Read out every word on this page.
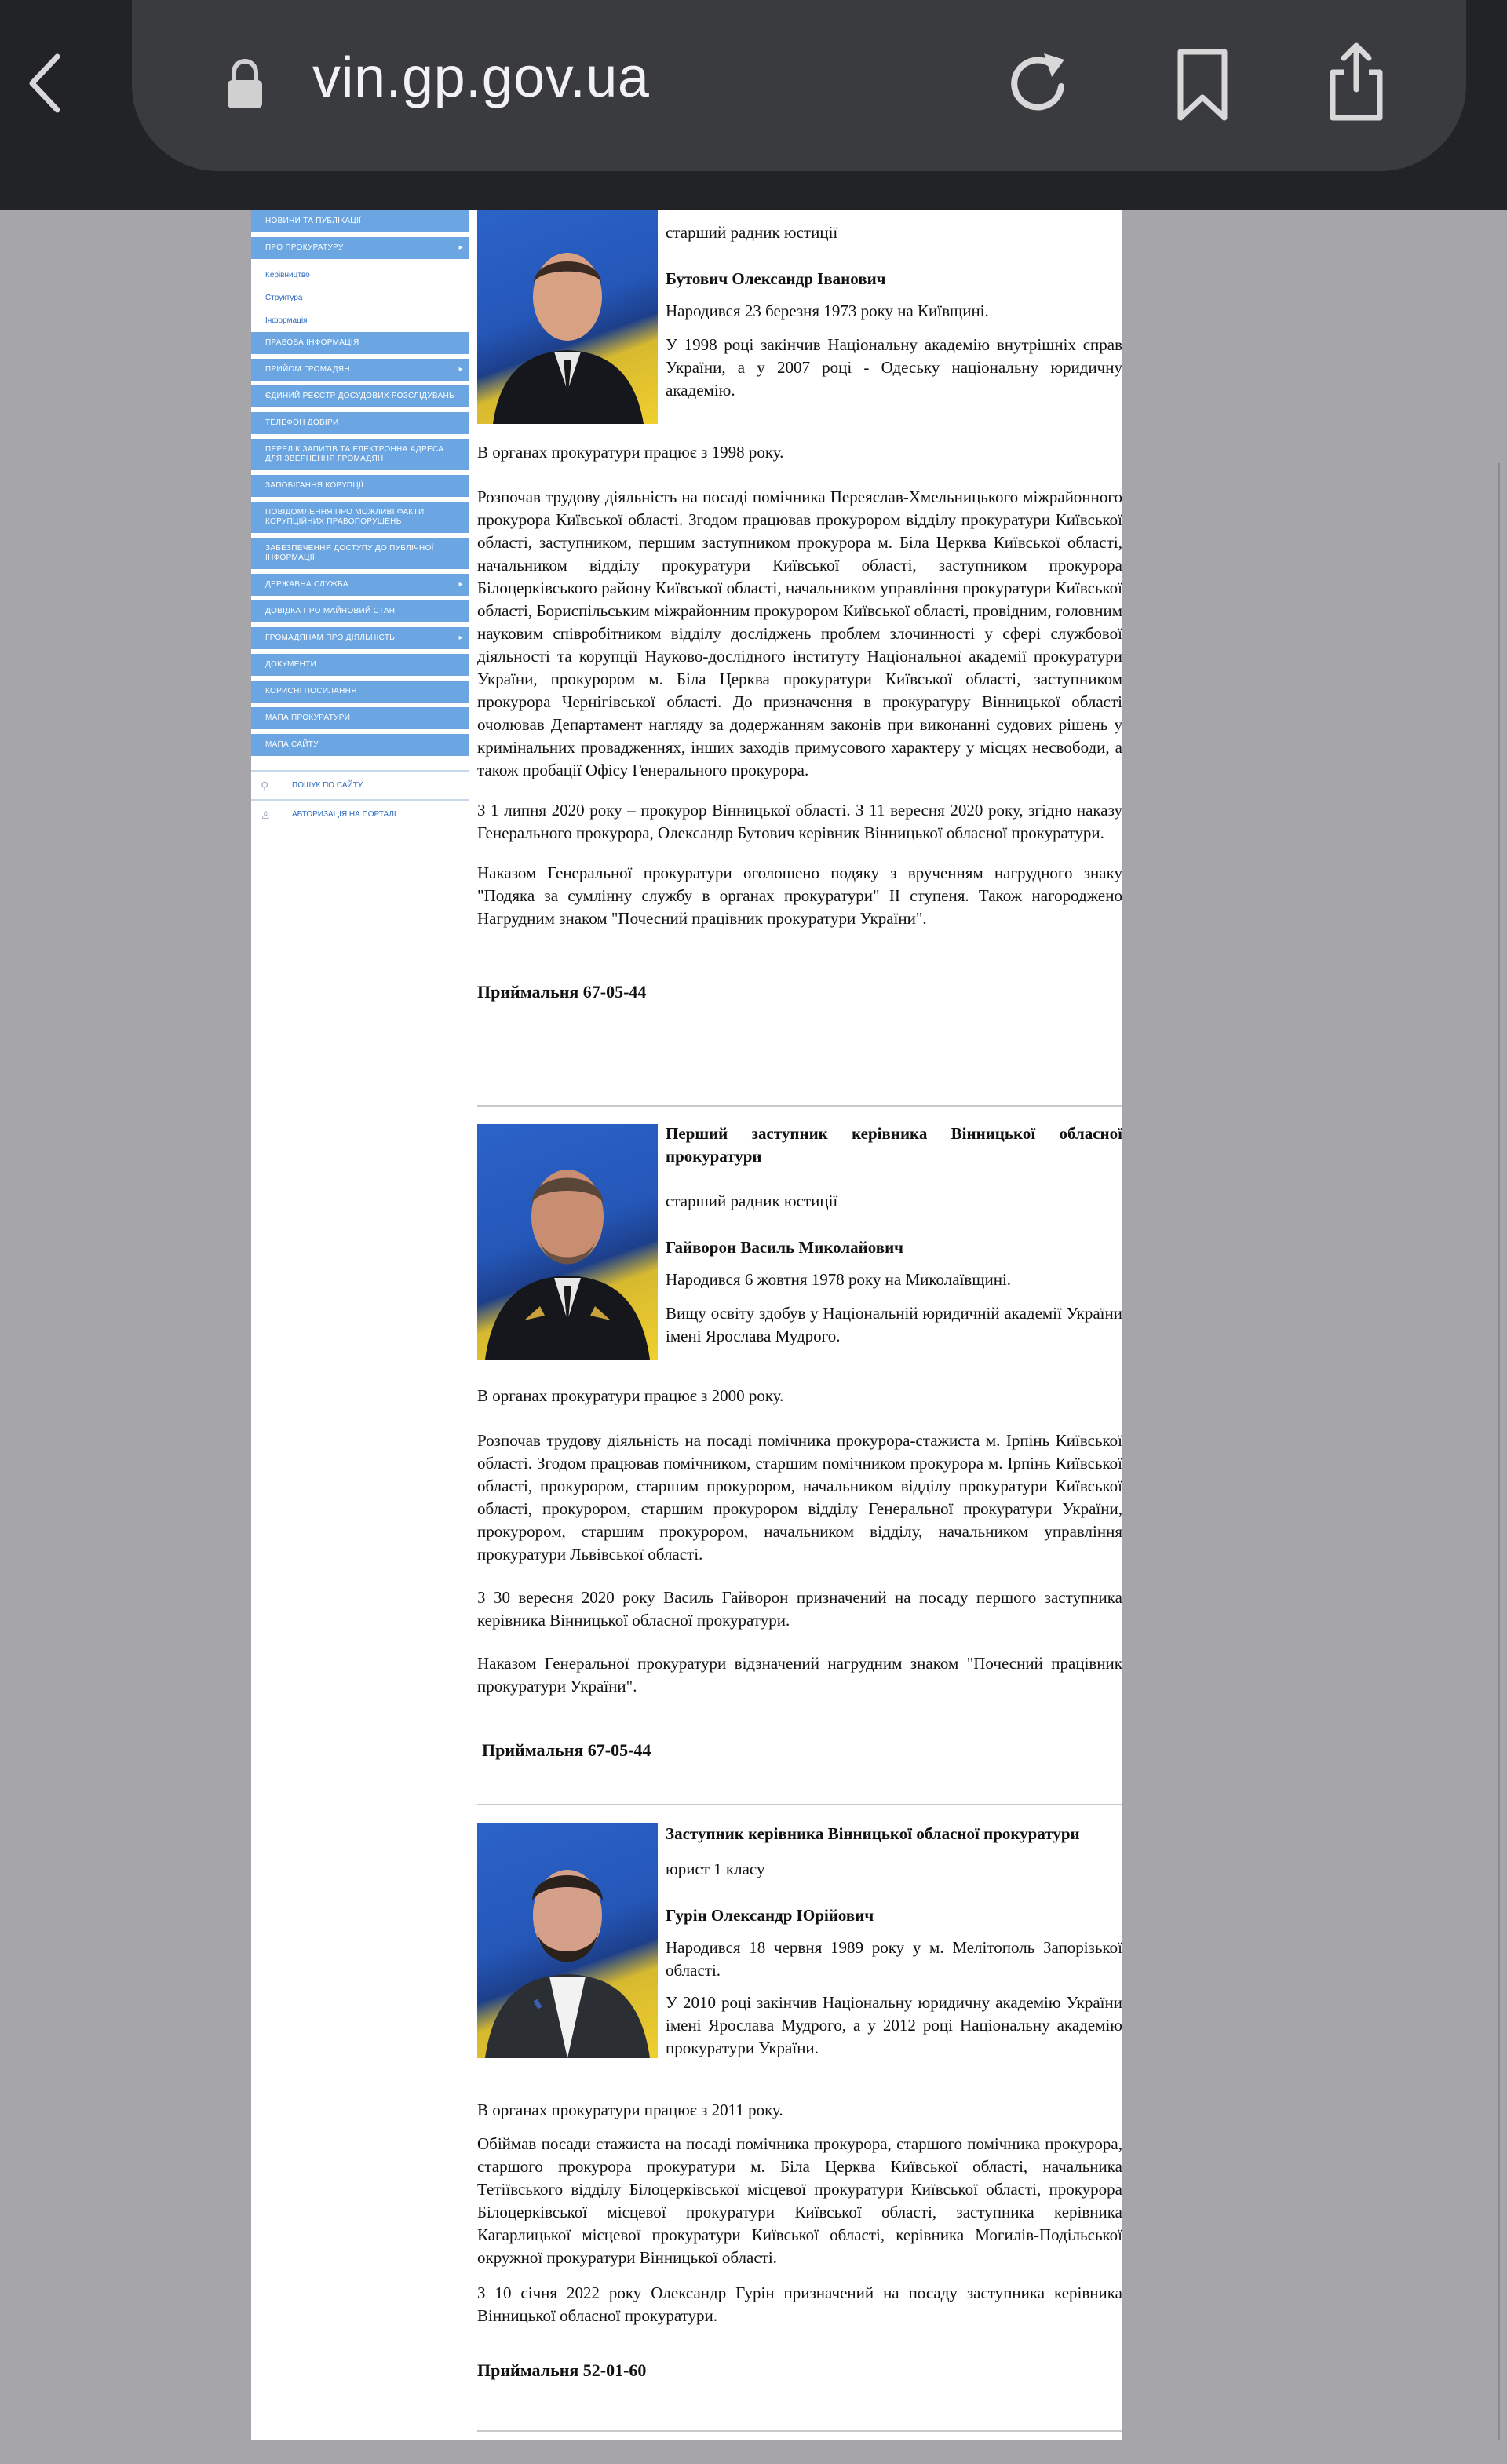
vin.gp.gov.ua
НОВИНИ ТА ПУБЛІКАЦІЇ
ПРО ПРОКУРАТУРУ	▸
Керівництво
Структура
Інформація
ПРАВОВА ІНФОРМАЦІЯ
ПРИЙОМ ГРОМАДЯН	▸
ЄДИНИЙ РЕЄСТР ДОСУДОВИХ РОЗСЛІДУВАНЬ
ТЕЛЕФОН ДОВІРИ
ПЕРЕЛІК ЗАПИТІВ ТА ЕЛЕКТРОННА АДРЕСА ДЛЯ ЗВЕРНЕННЯ ГРОМАДЯН
ЗАПОБІГАННЯ КОРУПЦІЇ
ПОВІДОМЛЕННЯ ПРО МОЖЛИВІ ФАКТИ КОРУПЦІЙНИХ ПРАВОПОРУШЕНЬ
ЗАБЕЗПЕЧЕННЯ ДОСТУПУ ДО ПУБЛІЧНОЇ ІНФОРМАЦІЇ
ДЕРЖАВНА СЛУЖБА	▸
ДОВІДКА ПРО МАЙНОВИЙ СТАН
ГРОМАДЯНАМ ПРО ДІЯЛЬНІСТЬ	▸
ДОКУМЕНТИ
КОРИСНІ ПОСИЛАННЯ
МАПА ПРОКУРАТУРИ
МАПА САЙТУ
⚲	ПОШУК ПО САЙТУ
♙	АВТОРИЗАЦІЯ НА ПОРТАЛІ

старший радник юстиції

Бутович Олександр Іванович

Народився 23 березня 1973 року на Київщині.

У 1998 році закінчив Національну академію внутрішніх справ України, а у 2007 році - Одеську національну юридичну академію.

В органах прокуратури працює з 1998 року.

Розпочав трудову діяльність на посаді помічника Переяслав-Хмельницького міжрайонного прокурора Київської області. Згодом працював прокурором відділу прокуратури Київської області, заступником, першим заступником прокурора м. Біла Церква Київської області, начальником відділу прокуратури Київської області, заступником прокурора Білоцерківського району Київської області, начальником управління прокуратури Київської області, Бориспільським міжрайонним прокурором Київської області, провідним, головним науковим співробітником відділу досліджень проблем злочинності у сфері службової діяльності та корупції Науково-дослідного інституту Національної академії прокуратури України, прокурором м. Біла Церква прокуратури Київської області, заступником прокурора Чернігівської області. До призначення в прокуратуру Вінницької області очолював Департамент нагляду за додержанням законів при виконанні судових рішень у кримінальних провадженнях, інших заходів примусового характеру у місцях несвободи, а також пробації Офісу Генерального прокурора.

З 1 липня 2020 року – прокурор Вінницької області. З 11 вересня 2020 року, згідно наказу Генерального прокурора, Олександр Бутович керівник Вінницької обласної прокуратури.

Наказом Генеральної прокуратури оголошено подяку з врученням нагрудного знаку "Подяка за сумлінну службу в органах прокуратури" ІІ ступеня. Також нагороджено Нагрудним знаком "Почесний працівник прокуратури України".

Приймальня 67-05-44

Перший заступник керівника Вінницької обласної прокуратури

старший радник юстиції

Гайворон Василь Миколайович

Народився 6 жовтня 1978 року на Миколаївщині.

Вищу освіту здобув у Національній юридичній академії України імені Ярослава Мудрого.

В органах прокуратури працює з 2000 року.

Розпочав трудову діяльність на посаді помічника прокурора-стажиста м. Ірпінь Київської області. Згодом працював помічником, старшим помічником прокурора м. Ірпінь Київської області, прокурором, старшим прокурором, начальником відділу прокуратури Київської області, прокурором, старшим прокурором відділу Генеральної прокуратури України, прокурором, старшим прокурором, начальником відділу, начальником управління прокуратури Львівської області.

З 30 вересня 2020 року Василь Гайворон призначений на посаду першого заступника керівника Вінницької обласної прокуратури.

Наказом Генеральної прокуратури відзначений нагрудним знаком "Почесний працівник прокуратури України".

Приймальня 67-05-44

Заступник керівника Вінницької обласної прокуратури

юрист 1 класу

Гурін Олександр Юрійович

Народився 18 червня 1989 року у м. Мелітополь Запорізької області.

У 2010 році закінчив Національну юридичну академію України імені Ярослава Мудрого, а у 2012 році Національну академію прокуратури України.

В органах прокуратури працює з 2011 року.

Обіймав посади стажиста на посаді помічника прокурора, старшого помічника прокурора, старшого прокурора прокуратури м. Біла Церква Київської області, начальника Тетіївського відділу Білоцерківської місцевої прокуратури Київської області, прокурора Білоцерківської місцевої прокуратури Київської області, заступника керівника Кагарлицької місцевої прокуратури Київської області, керівника Могилів-Подільської окружної прокуратури Вінницької області.

З 10 січня 2022 року Олександр Гурін призначений на посаду заступника керівника Вінницької обласної прокуратури.

Приймальня 52-01-60
